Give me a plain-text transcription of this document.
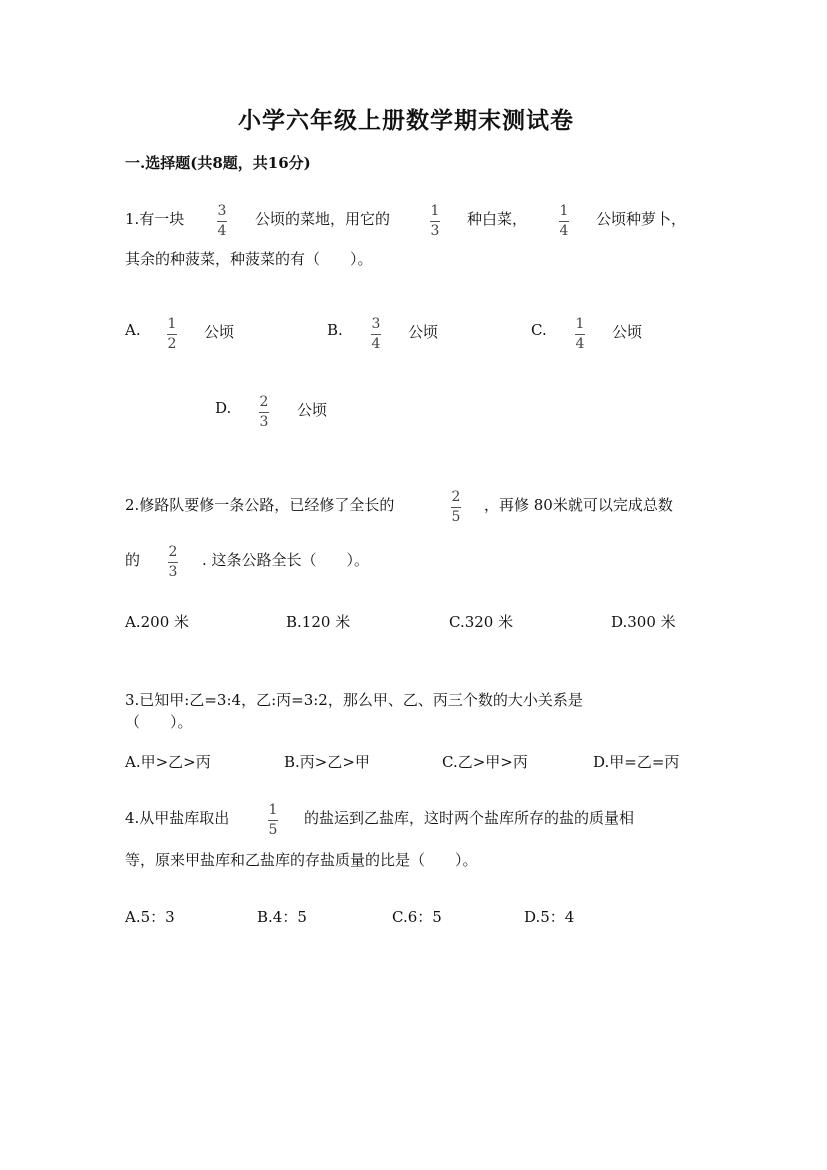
小学六年级上册数学期末测试卷
一.选择题(共8题，共16分)
1.有一块 3
4
公顷的菜地，用它的	1
3
种白菜， 1
4
公顷种萝卜，
其余的种菠菜，种菠菜的有（　　）。
A. 1
2
公顷	B. 3
4
公顷	C. 1
4
公顷
D. 2
3
公顷
2.修路队要修一条公路，已经修了全长的	2
5
，再修 80米就可以完成总数
的 2
3
. 这条公路全长（　　）。
A.200 米	B.120 米	C.320 米	D.300 米
3.已知甲:乙=3:4，乙:丙=3:2，那么甲、乙、丙三个数的大小关系是
（　　）。
A.甲>乙>丙	B.丙>乙>甲	C.乙>甲>丙	D.甲=乙=丙
4.从甲盐库取出	1
5
的盐运到乙盐库，这时两个盐库所存的盐的质量相
等，原来甲盐库和乙盐库的存盐质量的比是（　　）。
A.5：3	B.4：5	C.6：5	D.5：4
